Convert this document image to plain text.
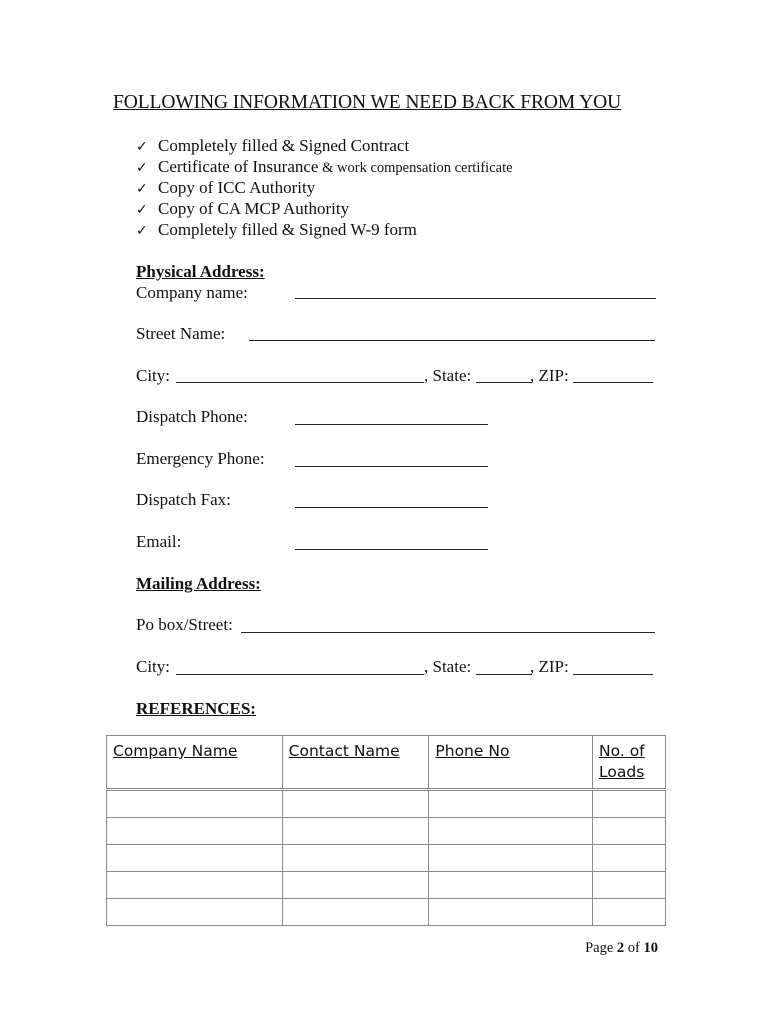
FOLLOWING INFORMATION WE NEED BACK FROM YOU
✓ Completely filled & Signed Contract
✓ Certificate of Insurance & work compensation certificate
✓ Copy of ICC Authority
✓ Copy of CA MCP Authority
✓ Completely filled & Signed W-9 form
Physical Address:
Company name:
Street Name:
City:	, State:	, ZIP:
Dispatch Phone:
Emergency Phone:
Dispatch Fax:
Email:
Mailing Address:
Po box/Street:
City:	, State:	, ZIP:
REFERENCES:
Company Name	Contact Name	Phone No	No. of Loads

Page 2 of 10
